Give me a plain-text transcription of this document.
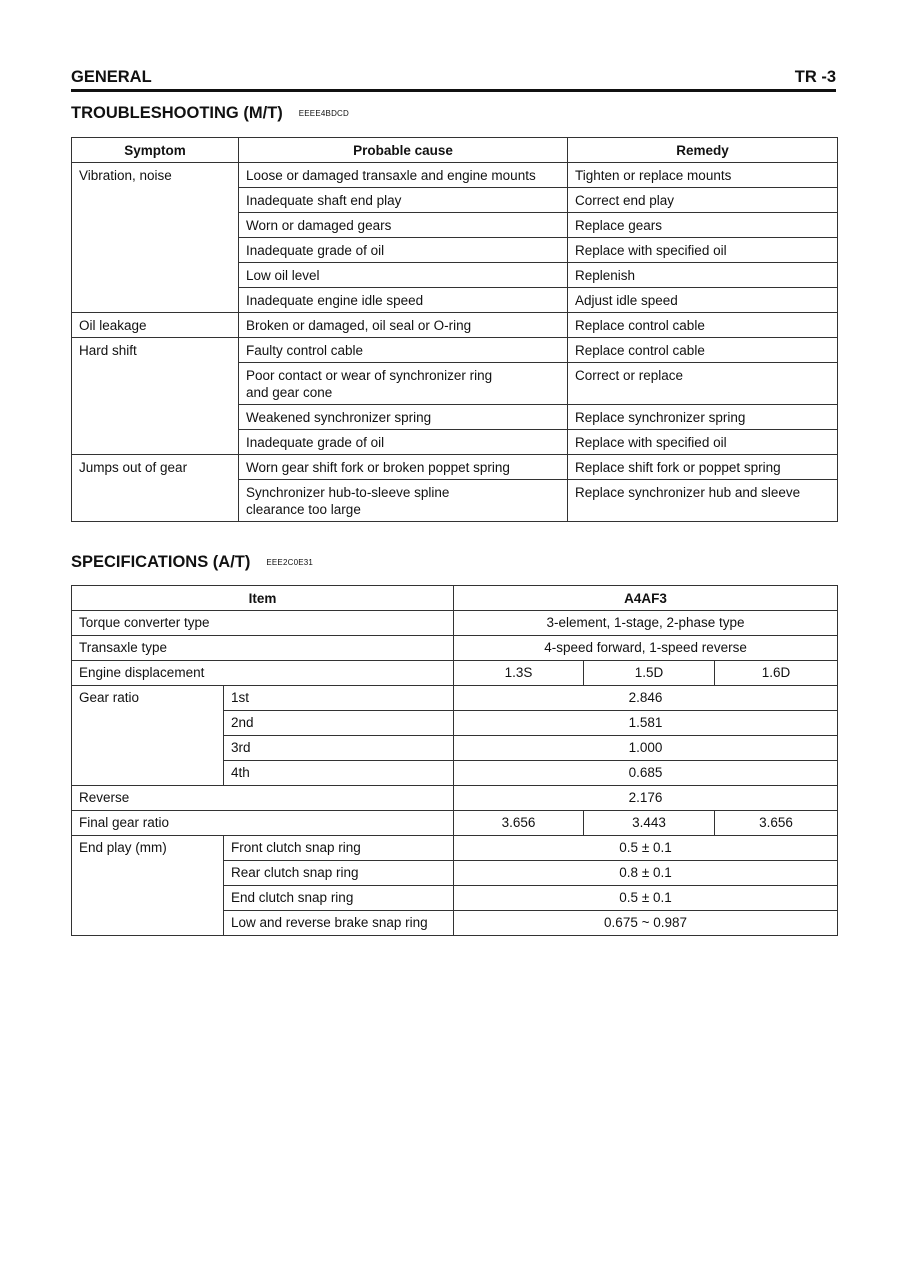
GENERAL	TR -3
TROUBLESHOOTING (M/T) EEEE4BDCD
Symptom	Probable cause	Remedy
Vibration, noise	Loose or damaged transaxle and engine mounts	Tighten or replace mounts
	Inadequate shaft end play	Correct end play
	Worn or damaged gears	Replace gears
	Inadequate grade of oil	Replace with specified oil
	Low oil level	Replenish
	Inadequate engine idle speed	Adjust idle speed
Oil leakage	Broken or damaged, oil seal or O-ring	Replace control cable
Hard shift	Faulty control cable	Replace control cable
	Poor contact or wear of synchronizer ring and gear cone	Correct or replace
	Weakened synchronizer spring	Replace synchronizer spring
	Inadequate grade of oil	Replace with specified oil
Jumps out of gear	Worn gear shift fork or broken poppet spring	Replace shift fork or poppet spring
	Synchronizer hub-to-sleeve spline clearance too large	Replace synchronizer hub and sleeve
SPECIFICATIONS (A/T) EEE2C0E31
Item		A4AF3		
Torque converter type		3-element, 1-stage, 2-phase type		
Transaxle type		4-speed forward, 1-speed reverse		
Engine displacement		1.3S	1.5D	1.6D
Gear ratio	1st	2.846		
	2nd	1.581		
	3rd	1.000		
	4th	0.685		
Reverse		2.176		
Final gear ratio		3.656	3.443	3.656
End play (mm)	Front clutch snap ring	0.5 ± 0.1		
	Rear clutch snap ring	0.8 ± 0.1		
	End clutch snap ring	0.5 ± 0.1		
	Low and reverse brake snap ring	0.675 ~ 0.987		
